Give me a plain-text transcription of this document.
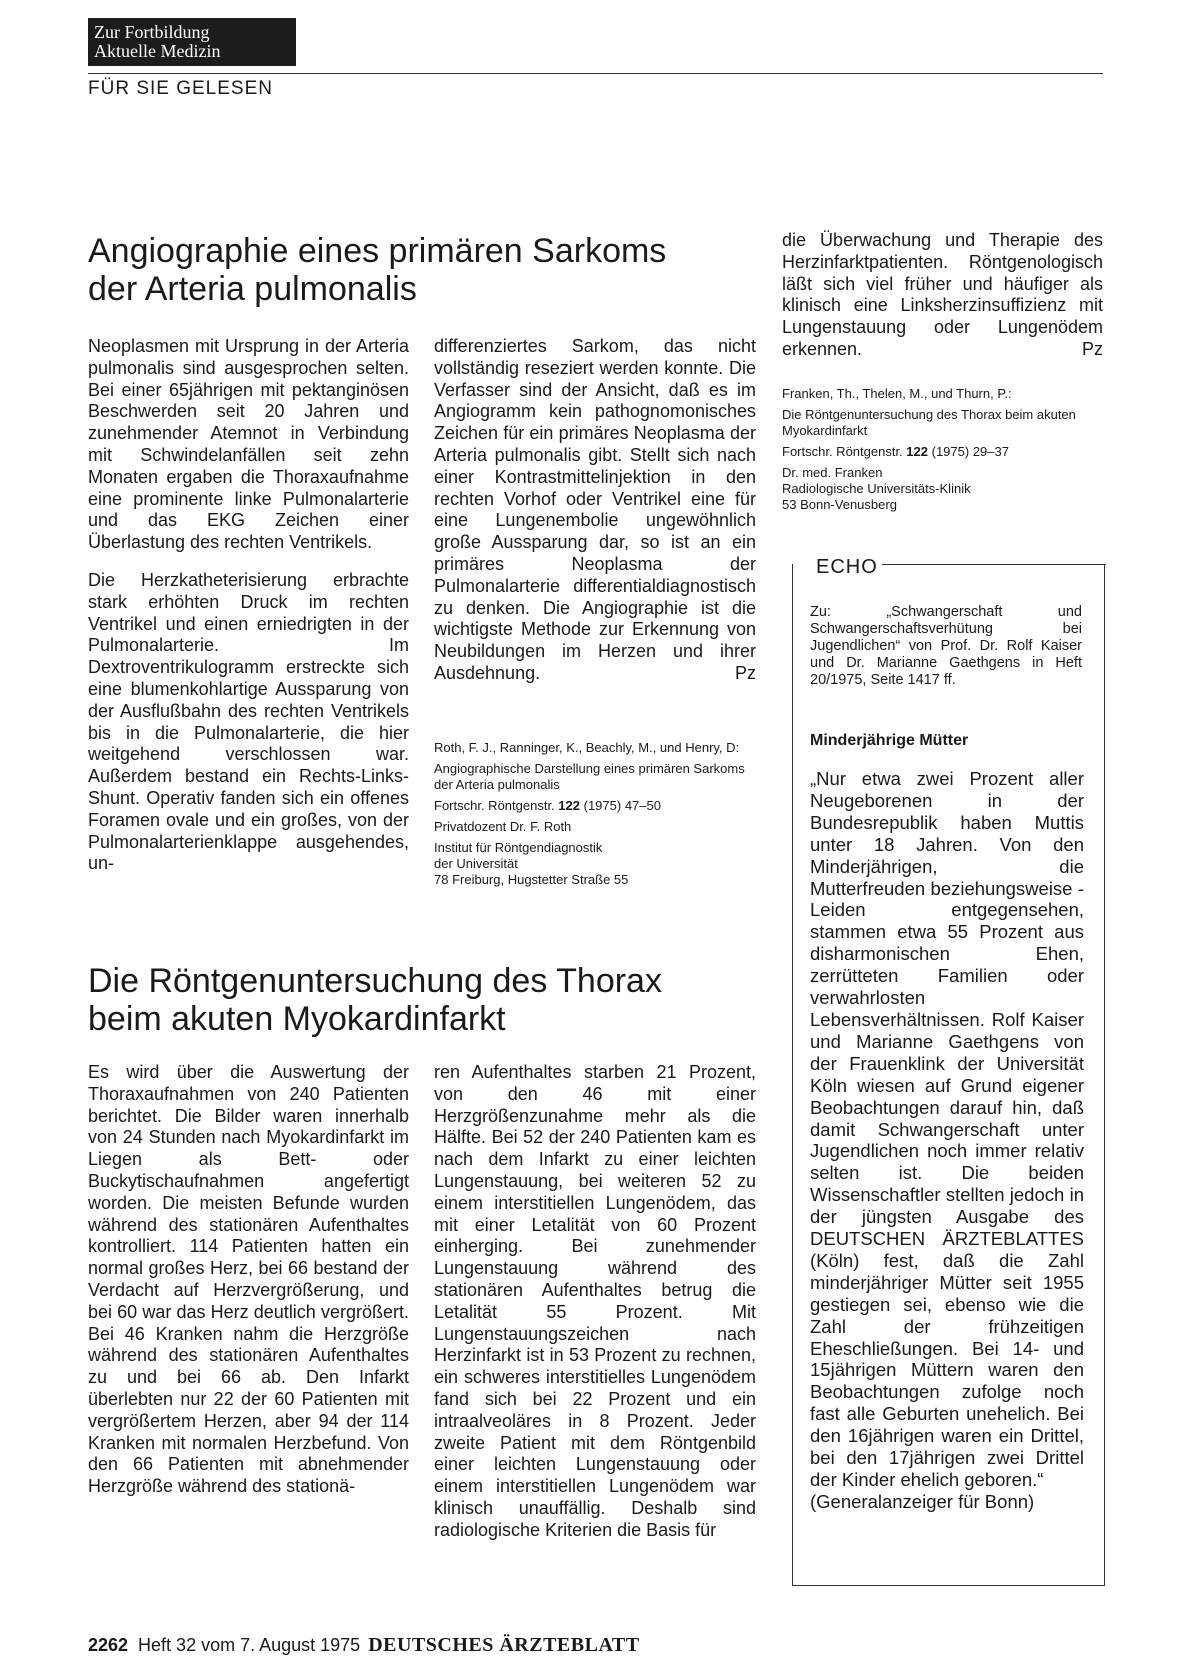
Zur Fortbildung
Aktuelle Medizin
FÜR SIE GELESEN
Angiographie eines primären Sarkoms
der Arteria pulmonalis

Neoplasmen mit Ursprung in der Arteria pulmonalis sind ausgesprochen selten. Bei einer 65jährigen mit pektanginösen Beschwerden seit 20 Jahren und zunehmender Atemnot in Verbindung mit Schwindelanfällen seit zehn Monaten ergaben die Thoraxaufnahme eine prominente linke Pulmonalarterie und das EKG Zeichen einer Überlastung des rechten Ventrikels.

Die Herzkatheterisierung erbrachte stark erhöhten Druck im rechten Ventrikel und einen erniedrigten in der Pulmonalarterie. Im Dextroventrikulogramm erstreckte sich eine blumenkohlartige Aussparung von der Ausflußbahn des rechten Ventrikels bis in die Pulmonalarterie, die hier weitgehend verschlossen war. Außerdem bestand ein Rechts-Links-Shunt. Operativ fanden sich ein offenes Foramen ovale und ein großes, von der Pulmonalarterienklappe ausgehendes, un-

differenziertes Sarkom, das nicht vollständig reseziert werden konnte. Die Verfasser sind der Ansicht, daß es im Angiogramm kein pathognomonisches Zeichen für ein primäres Neoplasma der Arteria pulmonalis gibt. Stellt sich nach einer Kontrastmittelinjektion in den rechten Vorhof oder Ventrikel eine für eine Lungenembolie ungewöhnlich große Aussparung dar, so ist an ein primäres Neoplasma der Pulmonalarterie differentialdiagnostisch zu denken. Die Angiographie ist die wichtigste Methode zur Erkennung von Neubildungen im Herzen und ihrer Ausdehnung.	Pz

Roth, F. J., Ranninger, K., Beachly, M., und Henry, D:
Angiographische Darstellung eines primären Sarkoms der Arteria pulmonalis
Fortschr. Röntgenstr. 122 (1975) 47–50
Privatdozent Dr. F. Roth
Institut für Röntgendiagnostik
der Universität
78 Freiburg, Hugstetter Straße 55
Die Röntgenuntersuchung des Thorax
beim akuten Myokardinfarkt

Es wird über die Auswertung der Thoraxaufnahmen von 240 Patienten berichtet. Die Bilder waren innerhalb von 24 Stunden nach Myokardinfarkt im Liegen als Bett- oder Buckytischaufnahmen angefertigt worden. Die meisten Befunde wurden während des stationären Aufenthaltes kontrolliert. 114 Patienten hatten ein normal großes Herz, bei 66 bestand der Verdacht auf Herzvergrößerung, und bei 60 war das Herz deutlich vergrößert. Bei 46 Kranken nahm die Herzgröße während des stationären Aufenthaltes zu und bei 66 ab. Den Infarkt überlebten nur 22 der 60 Patienten mit vergrößertem Herzen, aber 94 der 114 Kranken mit normalen Herzbefund. Von den 66 Patienten mit abnehmender Herzgröße während des stationä-

ren Aufenthaltes starben 21 Prozent, von den 46 mit einer Herzgrößenzunahme mehr als die Hälfte. Bei 52 der 240 Patienten kam es nach dem Infarkt zu einer leichten Lungenstauung, bei weiteren 52 zu einem interstitiellen Lungenödem, das mit einer Letalität von 60 Prozent einherging. Bei zunehmender Lungenstauung während des stationären Aufenthaltes betrug die Letalität 55 Prozent. Mit Lungenstauungszeichen nach Herzinfarkt ist in 53 Prozent zu rechnen, ein schweres interstitielles Lungenödem fand sich bei 22 Prozent und ein intraalveoläres in 8 Prozent. Jeder zweite Patient mit dem Röntgenbild einer leichten Lungenstauung oder einem interstitiellen Lungenödem war klinisch unauffällig. Deshalb sind radiologische Kriterien die Basis für

die Überwachung und Therapie des Herzinfarktpatienten. Röntgenologisch läßt sich viel früher und häufiger als klinisch eine Linksherzinsuffizienz mit Lungenstauung oder Lungenödem erkennen.	Pz

Franken, Th., Thelen, M., und Thurn, P.:
Die Röntgenuntersuchung des Thorax beim akuten Myokardinfarkt
Fortschr. Röntgenstr. 122 (1975) 29–37
Dr. med. Franken
Radiologische Universitäts-Klinik
53 Bonn-Venusberg
ECHO
Zu: „Schwangerschaft und Schwangerschaftsverhütung bei Jugendlichen“ von Prof. Dr. Rolf Kaiser und Dr. Marianne Gaethgens in Heft 20/1975, Seite 1417 ff.
Minderjährige Mütter
„Nur etwa zwei Prozent aller Neugeborenen in der Bundesrepublik haben Muttis unter 18 Jahren. Von den Minderjährigen, die Mutterfreuden beziehungsweise -Leiden entgegensehen, stammen etwa 55 Prozent aus disharmonischen Ehen, zerrütteten Familien oder verwahrlosten Lebensverhältnissen. Rolf Kaiser und Marianne Gaethgens von der Frauenklink der Universität Köln wiesen auf Grund eigener Beobachtungen darauf hin, daß damit Schwangerschaft unter Jugendlichen noch immer relativ selten ist. Die beiden Wissenschaftler stellten jedoch in der jüngsten Ausgabe des DEUTSCHEN ÄRZTEBLATTES (Köln) fest, daß die Zahl minderjähriger Mütter seit 1955 gestiegen sei, ebenso wie die Zahl der frühzeitigen Eheschließungen. Bei 14- und 15jährigen Müttern waren den Beobachtungen zufolge noch fast alle Geburten unehelich. Bei den 16jährigen waren ein Drittel, bei den 17jährigen zwei Drittel der Kinder ehelich geboren.“
(Generalanzeiger für Bonn)
2262 Heft 32 vom 7. August 1975 DEUTSCHES ÄRZTEBLATT
